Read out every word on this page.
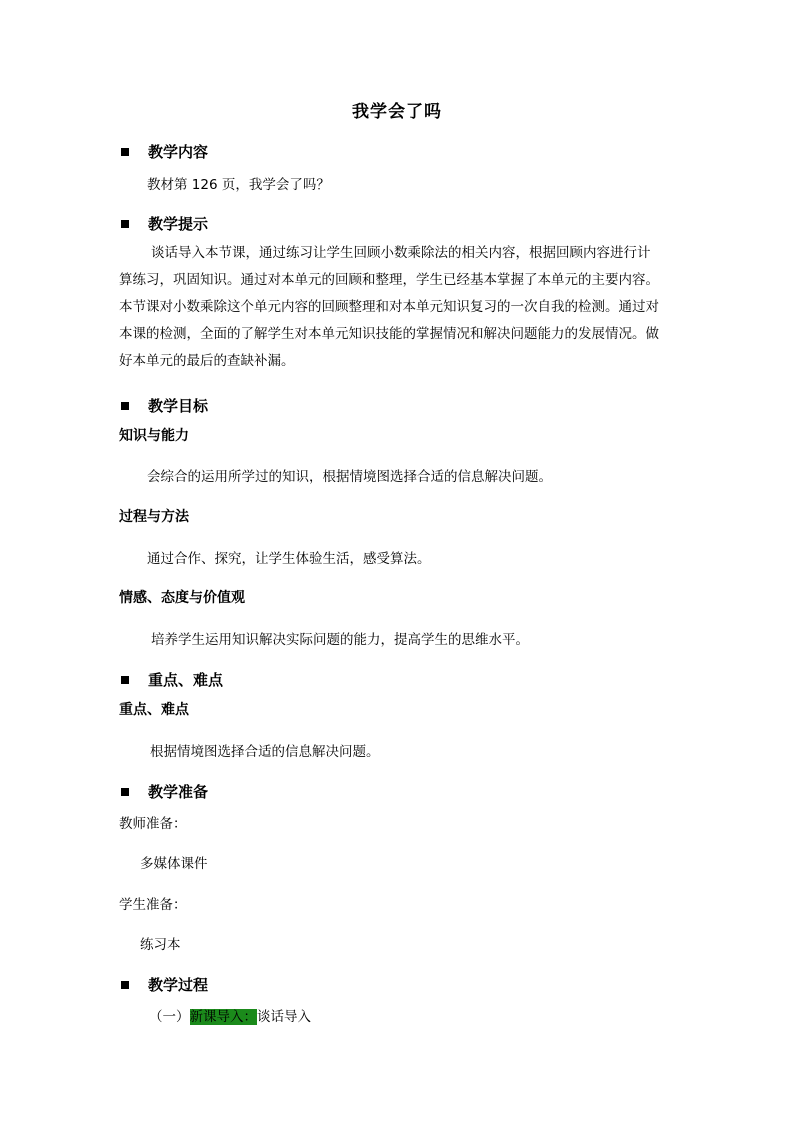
我学会了吗
教学内容
教材第 126 页，我学会了吗？
教学提示
谈话导入本节课，通过练习让学生回顾小数乘除法的相关内容，根据回顾内容进行计
算练习，巩固知识。通过对本单元的回顾和整理，学生已经基本掌握了本单元的主要内容。
本节课对小数乘除这个单元内容的回顾整理和对本单元知识复习的一次自我的检测。通过对
本课的检测，全面的了解学生对本单元知识技能的掌握情况和解决问题能力的发展情况。做
好本单元的最后的查缺补漏。
教学目标
知识与能力
会综合的运用所学过的知识，根据情境图选择合适的信息解决问题。
过程与方法
通过合作、探究，让学生体验生活，感受算法。
情感、态度与价值观
培养学生运用知识解决实际问题的能力，提高学生的思维水平。
重点、难点
重点、难点
根据情境图选择合适的信息解决问题。
教学准备
教师准备：
多媒体课件
学生准备：
练习本
教学过程
（一）新课导入：谈话导入
